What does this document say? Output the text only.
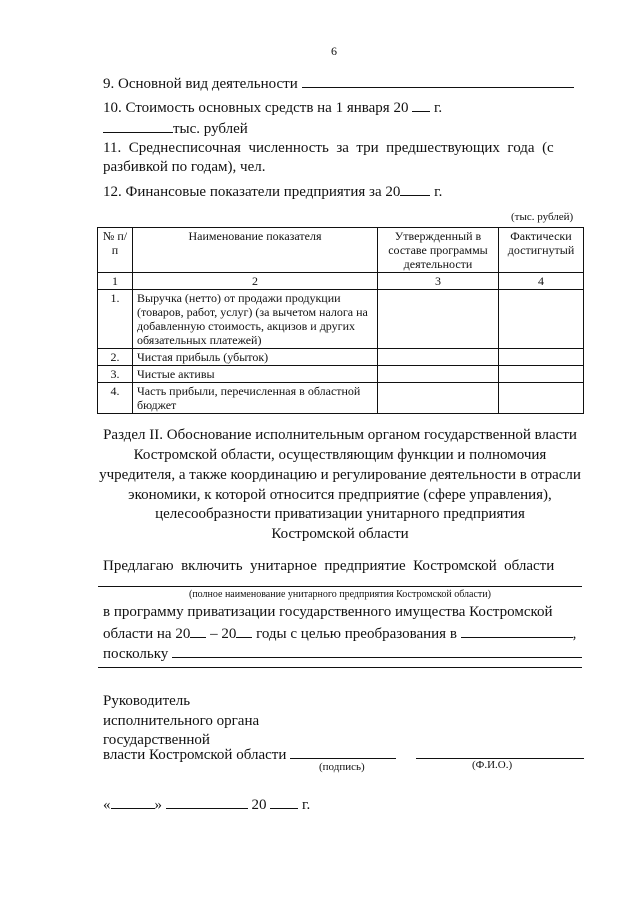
6
9. Основной вид деятельности
10. Стоимость основных средств на 1 января 20 г.
тыс. рублей
11.  Среднесписочная  численность  за  три  предшествующих  года  (с
разбивкой по годам), чел.
12. Финансовые показатели предприятия за 20 г.
(тыс. рублей)
№ п/п	Наименование показателя	Утвержденный в составе программы деятельности	Фактически достигнутый
1	2	3	4
1.	Выручка (нетто) от продажи продукции (товаров, работ, услуг) (за вычетом налога на добавленную стоимость, акцизов и других обязательных платежей)		
2.	Чистая прибыль (убыток)		
3.	Чистые активы		
4.	Часть прибыли, перечисленная в областной бюджет		
Раздел II. Обоснование исполнительным органом государственной власти
Костромской области, осуществляющим функции и полномочия
учредителя, а также координацию и регулирование деятельности в отрасли
экономики, к которой относится предприятие (сфере управления),
целесообразности приватизации унитарного предприятия
Костромской области
Предлагаю  включить  унитарное  предприятие  Костромской  области
(полное наименование унитарного предприятия Костромской области)
в программу приватизации государственного имущества Костромской
области на 20 – 20 годы с целью преобразования в	,
поскольку
Руководитель
исполнительного органа
государственной
власти Костромской области
(подпись)	(Ф.И.О.)
«	»	20 г.
